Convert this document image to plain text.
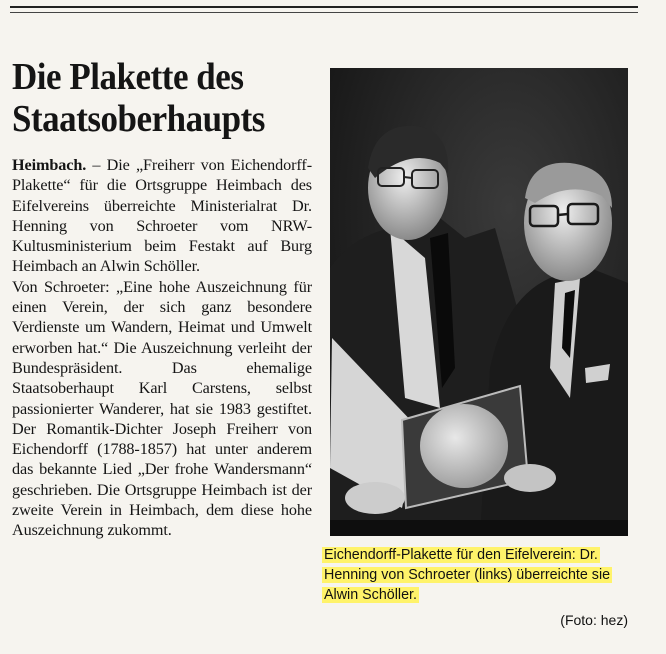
Die Plakette des Staatsoberhaupts
Heimbach. – Die „Freiherr von Eichendorff-Plakette“ für die Ortsgruppe Heimbach des Eifelvereins überreichte Ministerialrat Dr. Henning von Schroeter vom NRW-Kultusministerium beim Festakt auf Burg Heimbach an Alwin Schöller.
Von Schroeter: „Eine hohe Auszeichnung für einen Verein, der sich ganz besondere Verdienste um Wandern, Heimat und Umwelt erworben hat.“ Die Auszeichnung verleiht der Bundespräsident. Das ehemalige Staatsoberhaupt Karl Carstens, selbst passionierter Wanderer, hat sie 1983 gestiftet. Der Romantik-Dichter Joseph Freiherr von Eichendorff (1788-1857) hat unter anderem das bekannte Lied „Der frohe Wandersmann“ geschrieben. Die Ortsgruppe Heimbach ist der zweite Verein in Heimbach, dem diese hohe Auszeichnung zukommt.
Eichendorff-Plakette für den Eifelverein: Dr. Henning von Schroeter (links) überreichte sie Alwin Schöller.
(Foto: hez)
